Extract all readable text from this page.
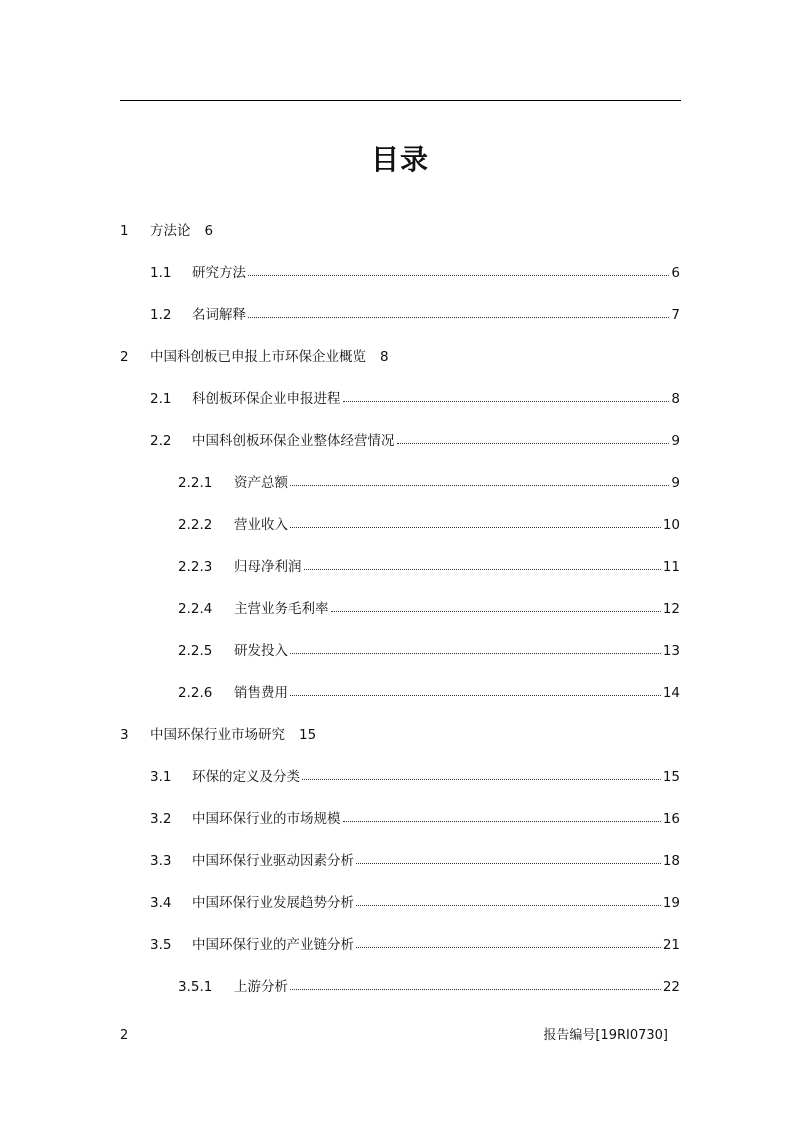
目录
1	方法论 6
1.1	研究方法	6
1.2	名词解释	7
2	中国科创板已申报上市环保企业概览 8
2.1	科创板环保企业申报进程	8
2.2	中国科创板环保企业整体经营情况	9
2.2.1	资产总额	9
2.2.2	营业收入	10
2.2.3	归母净利润	11
2.2.4	主营业务毛利率	12
2.2.5	研发投入	13
2.2.6	销售费用	14
3	中国环保行业市场研究 15
3.1	环保的定义及分类	15
3.2	中国环保行业的市场规模	16
3.3	中国环保行业驱动因素分析	18
3.4	中国环保行业发展趋势分析	19
3.5	中国环保行业的产业链分析	21
3.5.1	上游分析	22
2	报告编号[19RI0730]
